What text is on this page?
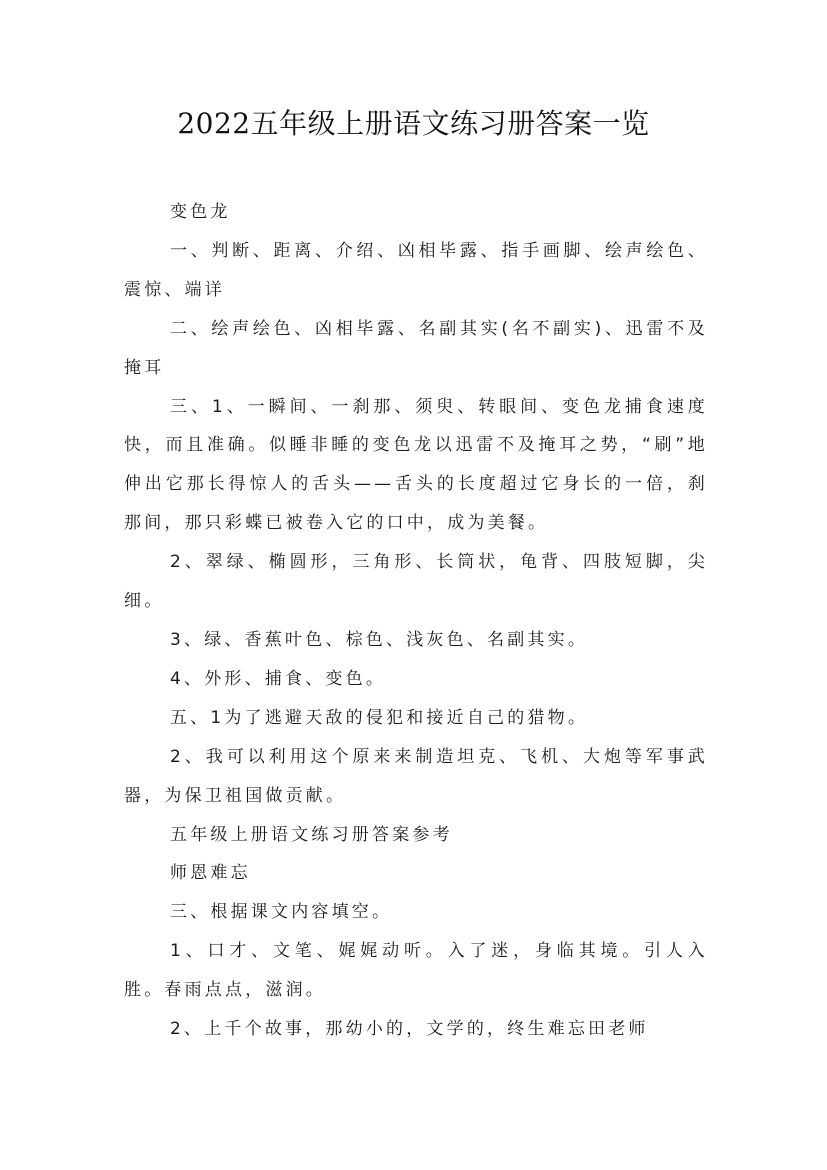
2022五年级上册语文练习册答案一览

变色龙

一、判断、距离、介绍、凶相毕露、指手画脚、绘声绘色、震惊、端详

二、绘声绘色、凶相毕露、名副其实(名不副实)、迅雷不及掩耳

三、1、一瞬间、一刹那、须臾、转眼间、变色龙捕食速度快，而且准确。似睡非睡的变色龙以迅雷不及掩耳之势，“刷”地伸出它那长得惊人的舌头——舌头的长度超过它身长的一倍，刹那间，那只彩蝶已被卷入它的口中，成为美餐。

2、翠绿、椭圆形，三角形、长筒状，龟背、四肢短脚，尖细。

3、绿、香蕉叶色、棕色、浅灰色、名副其实。

4、外形、捕食、变色。

五、1为了逃避天敌的侵犯和接近自己的猎物。

2、我可以利用这个原来来制造坦克、飞机、大炮等军事武器，为保卫祖国做贡献。

五年级上册语文练习册答案参考

师恩难忘

三、根据课文内容填空。

1、口才、文笔、娓娓动听。入了迷，身临其境。引人入胜。春雨点点，滋润。

2、上千个故事，那幼小的，文学的，终生难忘田老师
